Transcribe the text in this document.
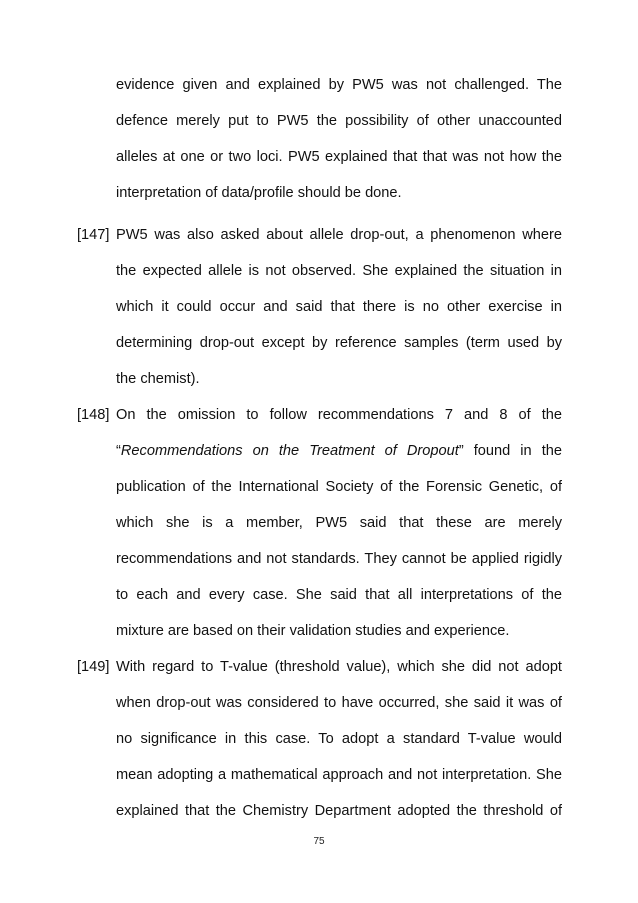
evidence given and explained by PW5 was not challenged. The
defence merely put to PW5 the possibility of other unaccounted
alleles at one or two loci. PW5 explained that that was not how the
interpretation of data/profile should be done.
[147] PW5 was also asked about allele drop-out, a phenomenon where
the expected allele is not observed. She explained the situation in
which it could occur and said that there is no other exercise in
determining drop-out except by reference samples (term used by
the chemist).
[148] On the omission to follow recommendations 7 and 8 of the
“Recommendations on the Treatment of Dropout” found in the
publication of the International Society of the Forensic Genetic, of
which she is a member, PW5 said that these are merely
recommendations and not standards. They cannot be applied rigidly
to each and every case. She said that all interpretations of the
mixture are based on their validation studies and experience.
[149] With regard to T-value (threshold value), which she did not adopt
when drop-out was considered to have occurred, she said it was of
no significance in this case. To adopt a standard T-value would
mean adopting a mathematical approach and not interpretation. She
explained that the Chemistry Department adopted the threshold of
75
